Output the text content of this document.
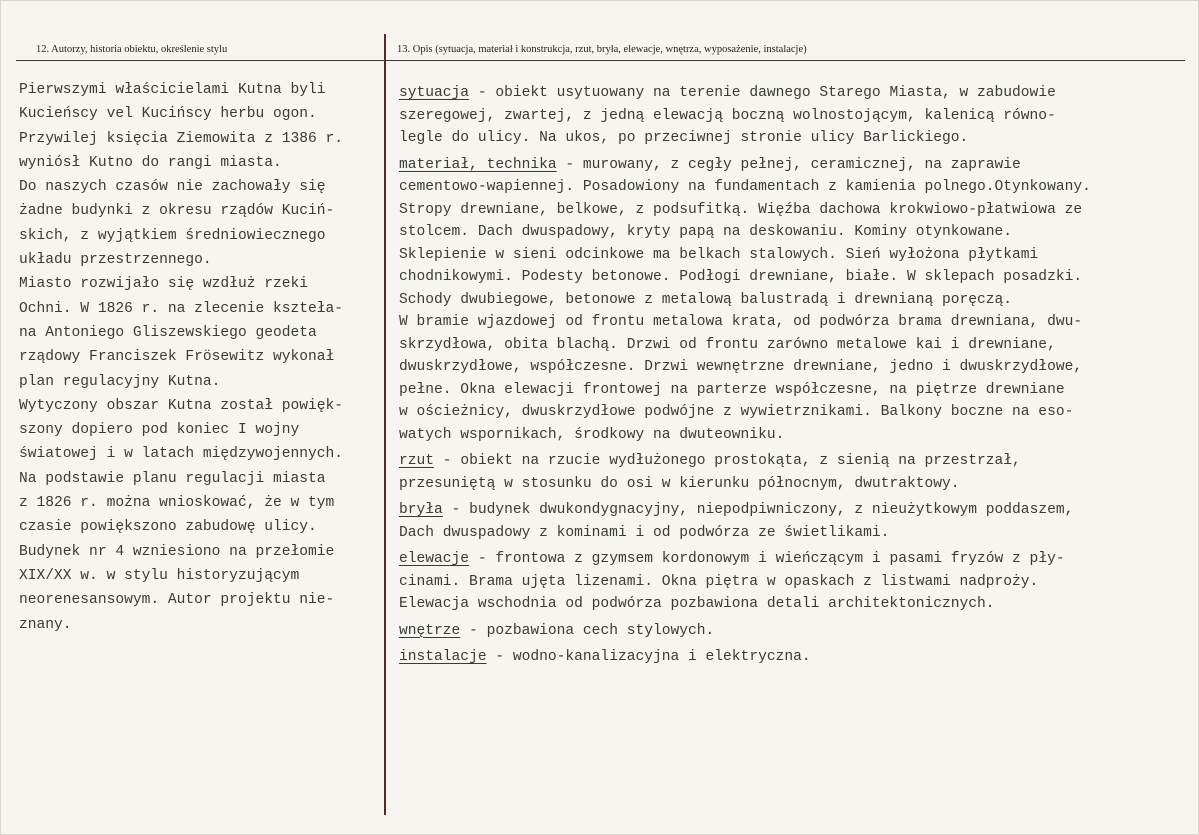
12. Autorzy, historia obiektu, określenie stylu	13. Opis (sytuacja, materiał i konstrukcja, rzut, bryła, elewacje, wnętrza, wyposażenie, instalacje)
Pierwszymi właścicielami Kutna byli
Kucieńscy vel Kucińscy herbu ogon.
Przywilej księcia Ziemowita z 1386 r.
wyniósł Kutno do rangi miasta.
Do naszych czasów nie zachowały się
żadne budynki z okresu rządów Kuciń-
skich, z wyjątkiem średniowiecznego
układu przestrzennego.
Miasto rozwijało się wzdłuż rzeki
Ochni. W 1826 r. na zlecenie kszteła-
na Antoniego Gliszewskiego geodeta
rządowy Franciszek Frösewitz wykonał
plan regulacyjny Kutna.
Wytyczony obszar Kutna został powięk-
szony dopiero pod koniec I wojny
światowej i w latach międzywojennych.
Na podstawie planu regulacji miasta
z 1826 r. można wnioskować, że w tym
czasie powiększono zabudowę ulicy.
Budynek nr 4 wzniesiono na przełomie
XIX/XX w. w stylu historyzującym
neorenesansowym. Autor projektu nie-
znany.
sytuacja - obiekt usytuowany na terenie dawnego Starego Miasta, w zabudowie
szeregowej, zwartej, z jedną elewacją boczną wolnostojącym, kalenicą równo-
legle do ulicy. Na ukos, po przeciwnej stronie ulicy Barlickiego.
materiał, technika - murowany, z cegły pełnej, ceramicznej, na zaprawie
cementowo-wapiennej. Posadowiony na fundamentach z kamienia polnego.Otynkowany.
Stropy drewniane, belkowe, z podsufitką. Więźba dachowa krokwiowo-płatwiowa ze
stolcem. Dach dwuspadowy, kryty papą na deskowaniu. Kominy otynkowane.
Sklepienie w sieni odcinkowe ma belkach stalowych. Sień wyłożona płytkami
chodnikowymi. Podesty betonowe. Podłogi drewniane, białe. W sklepach posadzki.
Schody dwubiegowe, betonowe z metalową balustradą i drewnianą poręczą.
W bramie wjazdowej od frontu metalowa krata, od podwórza brama drewniana, dwu-
skrzydłowa, obita blachą. Drzwi od frontu zarówno metalowe kai i drewniane,
dwuskrzydłowe, współczesne. Drzwi wewnętrzne drewniane, jedno i dwuskrzydłowe,
pełne. Okna elewacji frontowej na parterze współczesne, na piętrze drewniane
w ościeżnicy, dwuskrzydłowe podwójne z wywietrznikami. Balkony boczne na eso-
watych wspornikach, środkowy na dwuteowniku.
rzut - obiekt na rzucie wydłużonego prostokąta, z sienią na przestrzał,
przesuniętą w stosunku do osi w kierunku północnym, dwutraktowy.
bryła - budynek dwukondygnacyjny, niepodpiwniczony, z nieużytkowym poddaszem,
Dach dwuspadowy z kominami i od podwórza ze świetlikami.
elewacje - frontowa z gzymsem kordonowym i wieńczącym i pasami fryzów z pły-
cinami. Brama ujęta lizenami. Okna piętra w opaskach z listwami nadproży.
Elewacja wschodnia od podwórza pozbawiona detali architektonicznych.
wnętrze - pozbawiona cech stylowych.
instalacje - wodno-kanalizacyjna i elektryczna.
